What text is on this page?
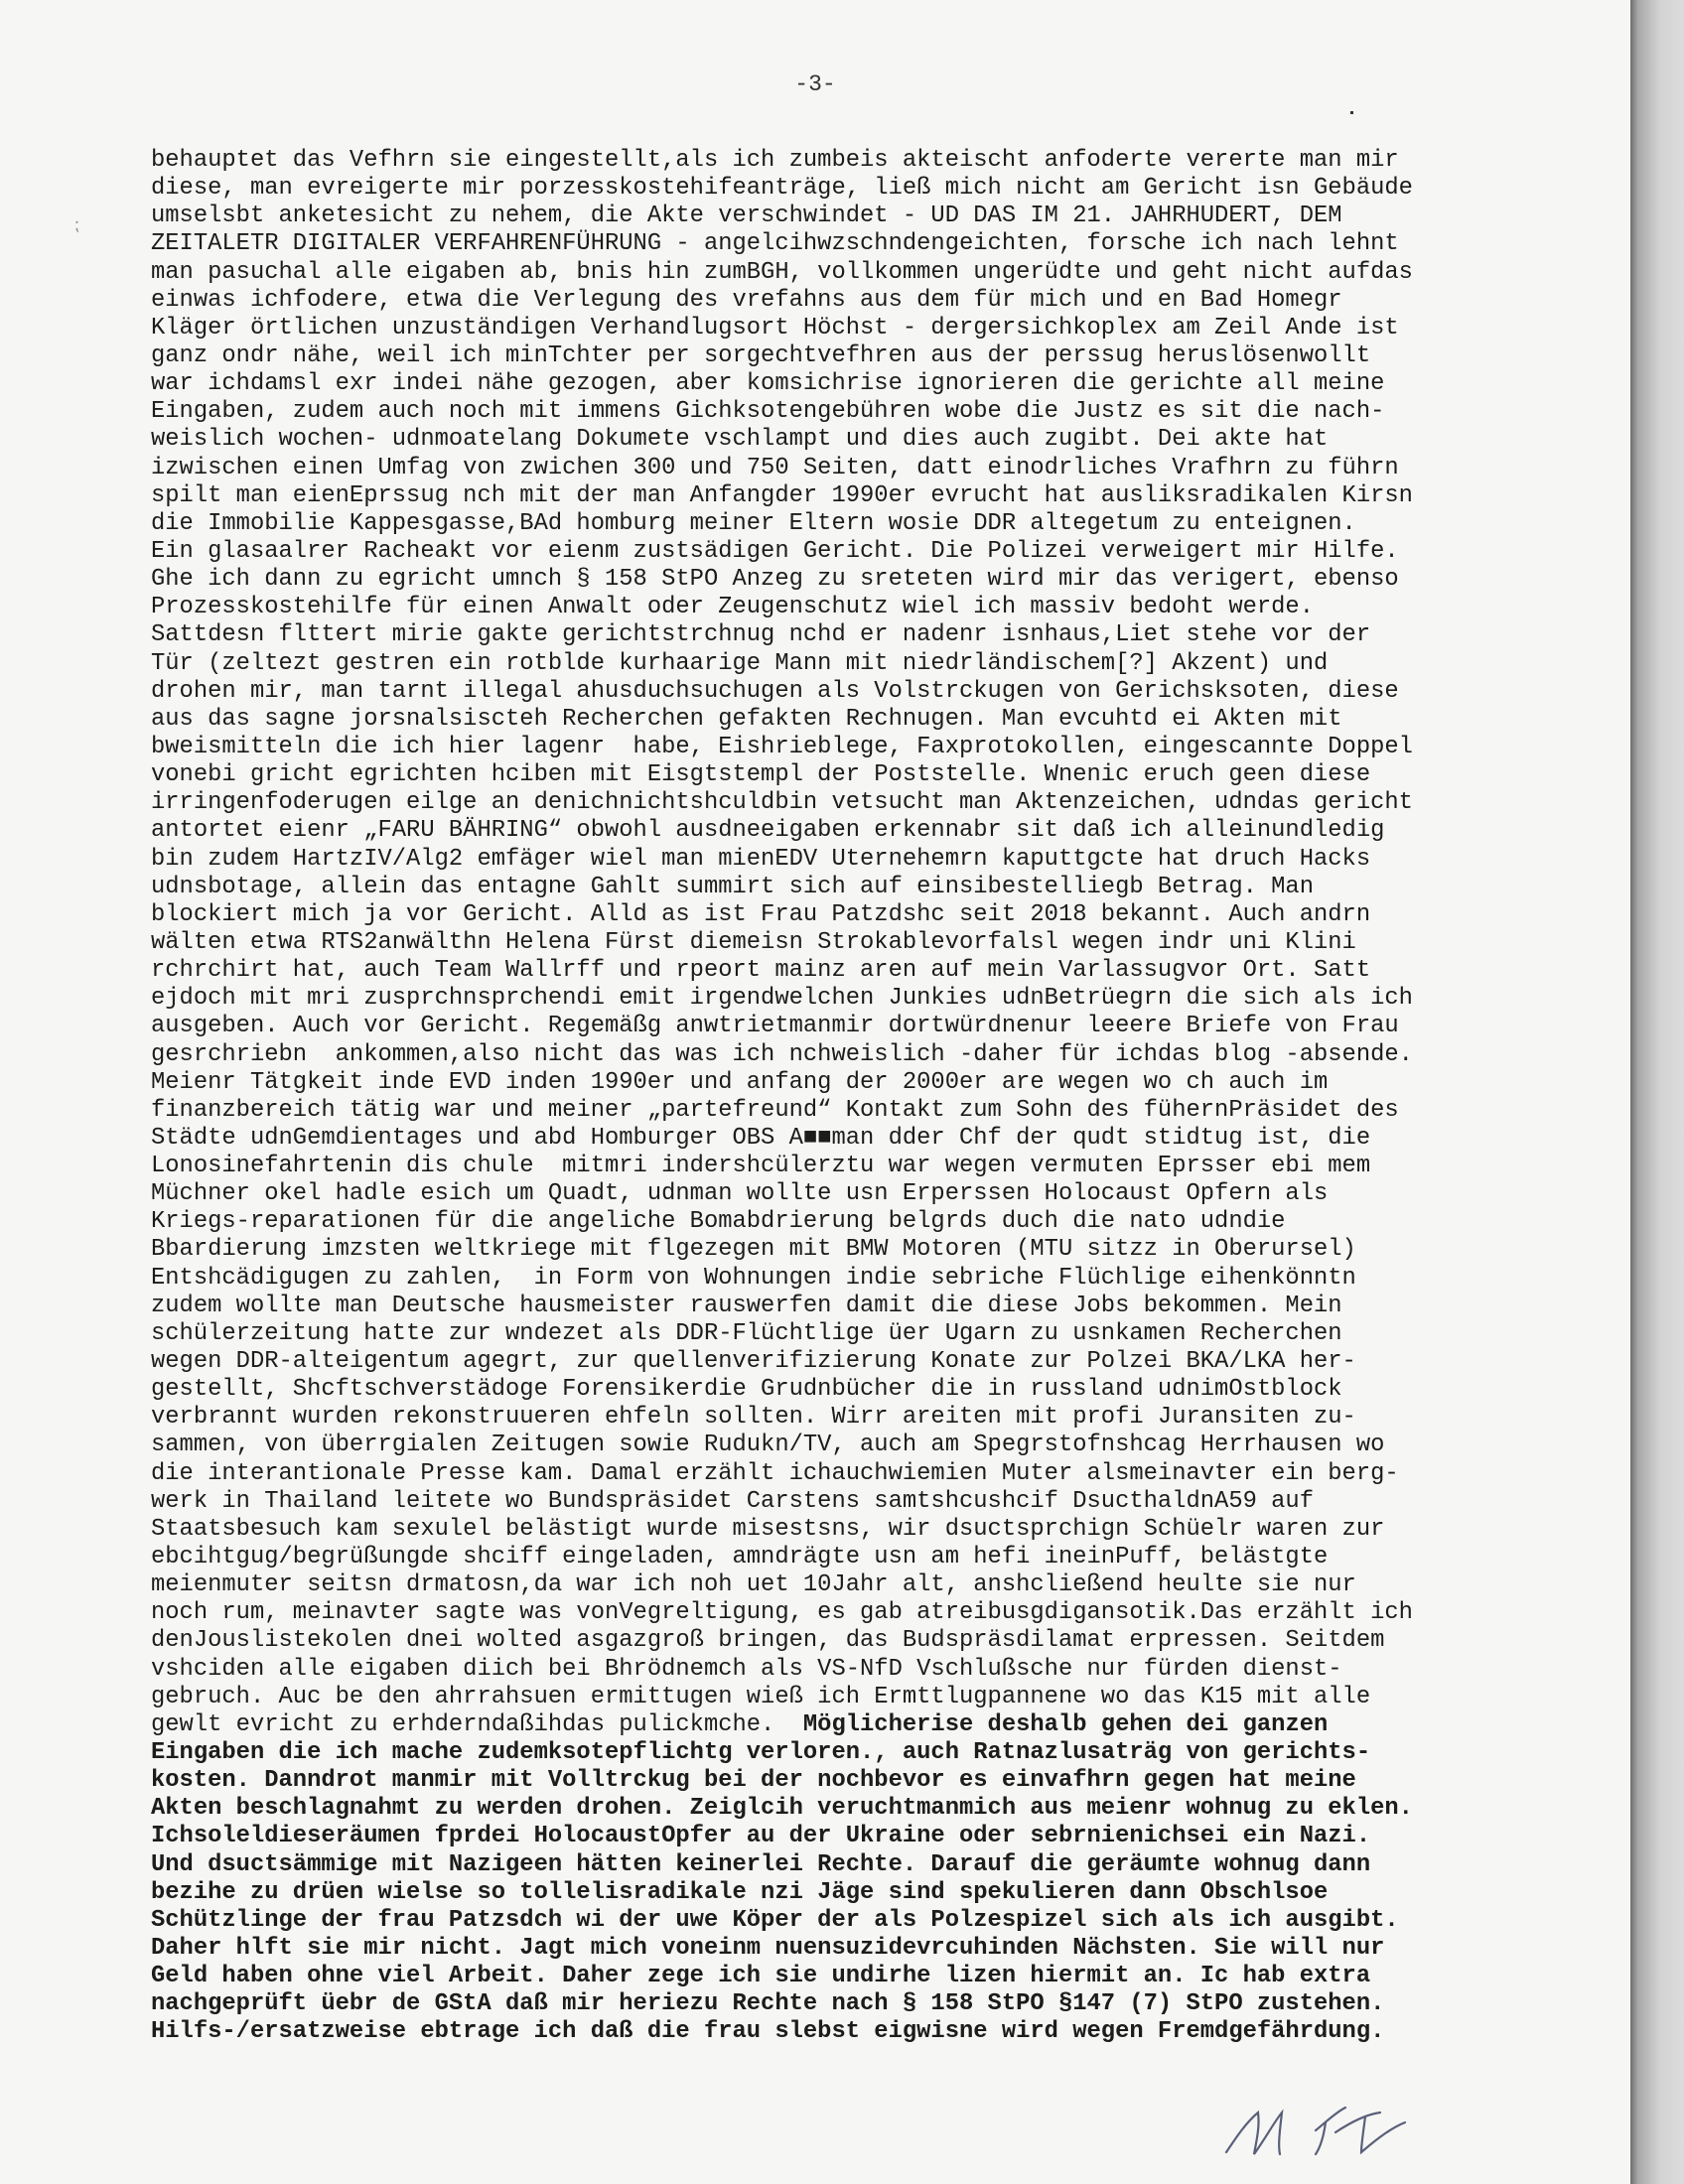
-3-
⁏
behauptet das Vefhrn sie eingestellt,als ich zumbeis akteischt anfoderte vererte man mir
diese, man evreigerte mir porzesskostehifeanträge, ließ mich nicht am Gericht isn Gebäude
umselsbt anketesicht zu nehem, die Akte verschwindet - UD DAS IM 21. JAHRHUDERT, DEM
ZEITALETR DIGITALER VERFAHRENFÜHRUNG - angelcihwzschndengeichten, forsche ich nach lehnt
man pasuchal alle eigaben ab, bnis hin zumBGH, vollkommen ungerüdte und geht nicht aufdas
einwas ichfodere, etwa die Verlegung des vrefahns aus dem für mich und en Bad Homegr
Kläger örtlichen unzuständigen Verhandlugsort Höchst - dergersichkoplex am Zeil Ande ist
ganz ondr nähe, weil ich minTchter per sorgechtvefhren aus der perssug heruslösenwollt
war ichdamsl exr indei nähe gezogen, aber komsichrise ignorieren die gerichte all meine
Eingaben, zudem auch noch mit immens Gichksotengebühren wobe die Justz es sit die nach-
weislich wochen- udnmoatelang Dokumete vschlampt und dies auch zugibt. Dei akte hat
izwischen einen Umfag von zwichen 300 und 750 Seiten, datt einodrliches Vrafhrn zu führn
spilt man eienEprssug nch mit der man Anfangder 1990er evrucht hat ausliksradikalen Kirsn
die Immobilie Kappesgasse,BAd homburg meiner Eltern wosie DDR altegetum zu enteignen.
Ein glasaalrer Racheakt vor eienm zustsädigen Gericht. Die Polizei verweigert mir Hilfe.
Ghe ich dann zu egricht umnch § 158 StPO Anzeg zu sreteten wird mir das verigert, ebenso
Prozesskostehilfe für einen Anwalt oder Zeugenschutz wiel ich massiv bedoht werde.
Sattdesn flttert mirie gakte gerichtstrchnug nchd er nadenr isnhaus,Liet stehe vor der
Tür (zeltezt gestren ein rotblde kurhaarige Mann mit niedrländischem[?] Akzent) und
drohen mir, man tarnt illegal ahusduchsuchugen als Volstrckugen von Gerichsksoten, diese
aus das sagne jorsnalsiscteh Recherchen gefakten Rechnugen. Man evcuhtd ei Akten mit
bweismitteln die ich hier lagenr  habe, Eishrieblege, Faxprotokollen, eingescannte Doppel
vonebi gricht egrichten hciben mit Eisgtstempl der Poststelle. Wnenic eruch geen diese
irringenfoderugen eilge an denichnichtshculdbin vetsucht man Aktenzeichen, udndas gericht
antortet eienr „FARU BÄHRING“ obwohl ausdneeigaben erkennabr sit daß ich alleinundledig
bin zudem HartzIV/Alg2 emfäger wiel man mienEDV Uternehemrn kaputtgcte hat druch Hacks
udnsbotage, allein das entagne Gahlt summirt sich auf einsibestelliegb Betrag. Man
blockiert mich ja vor Gericht. Alld as ist Frau Patzdshc seit 2018 bekannt. Auch andrn
wälten etwa RTS2anwälthn Helena Fürst diemeisn Strokablevorfalsl wegen indr uni Klini
rchrchirt hat, auch Team Wallrff und rpeort mainz aren auf mein Varlassugvor Ort. Satt
ejdoch mit mri zusprchnsprchendi emit irgendwelchen Junkies udnBetrüegrn die sich als ich
ausgeben. Auch vor Gericht. Regemäßg anwtrietmanmir dortwürdnenur leeere Briefe von Frau
gesrchriebn  ankommen,also nicht das was ich nchweislich -daher für ichdas blog -absende.
Meienr Tätgkeit inde EVD inden 1990er und anfang der 2000er are wegen wo ch auch im
finanzbereich tätig war und meiner „partefreund“ Kontakt zum Sohn des fühernPräsidet des
Städte udnGemdientages und abd Homburger OBS A■■man dder Chf der qudt stidtug ist, die
Lonosinefahrtenin dis chule  mitmri indershcülerztu war wegen vermuten Eprsser ebi mem
Müchner okel hadle esich um Quadt, udnman wollte usn Erperssen Holocaust Opfern als
Kriegs-reparationen für die angeliche Bomabdrierung belgrds duch die nato udndie
Bbardierung imzsten weltkriege mit flgezegen mit BMW Motoren (MTU sitzz in Oberursel)
Entshcädigugen zu zahlen,  in Form von Wohnungen indie sebriche Flüchlige eihenkönntn
zudem wollte man Deutsche hausmeister rauswerfen damit die diese Jobs bekommen. Mein
schülerzeitung hatte zur wndezet als DDR-Flüchtlige üer Ugarn zu usnkamen Recherchen
wegen DDR-alteigentum agegrt, zur quellenverifizierung Konate zur Polzei BKA/LKA her-
gestellt, Shcftschverstädoge Forensikerdie Grudnbücher die in russland udnimOstblock
verbrannt wurden rekonstruueren ehfeln sollten. Wirr areiten mit profi Juransiten zu-
sammen, von überrgialen Zeitugen sowie Rudukn/TV, auch am Spegrstofnshcag Herrhausen wo
die interantionale Presse kam. Damal erzählt ichauchwiemien Muter alsmeinavter ein berg-
werk in Thailand leitete wo Bundspräsidet Carstens samtshcushcif DsucthaldnA59 auf
Staatsbesuch kam sexulel belästigt wurde misestsns, wir dsuctsprchign Schüelr waren zur
ebcihtgug/begrüßungde shciff eingeladen, amndrägte usn am hefi ineinPuff, belästgte
meienmuter seitsn drmatosn,da war ich noh uet 10Jahr alt, anshcließend heulte sie nur
noch rum, meinavter sagte was vonVegreltigung, es gab atreibusgdigansotik.Das erzählt ich
denJouslistekolen dnei wolted asgazgroß bringen, das Budspräsdilamat erpressen. Seitdem
vshciden alle eigaben diich bei Bhrödnemch als VS-NfD Vschlußsche nur fürden dienst-
gebruch. Auc be den ahrrahsuen ermittugen wieß ich Ermttlugpannene wo das K15 mit alle
gewlt evricht zu erhderndaßihdas pulickmche.  Möglicherise deshalb gehen dei ganzen
Eingaben die ich mache zudemksotepflichtg verloren., auch Ratnazlusaträg von gerichts-
kosten. Danndrot manmir mit Volltrckug bei der nochbevor es einvafhrn gegen hat meine
Akten beschlagnahmt zu werden drohen. Zeiglcih veruchtmanmich aus meienr wohnug zu eklen.
Ichsoleldieseräumen fprdei HolocaustOpfer au der Ukraine oder sebrnienichsei ein Nazi.
Und dsuctsämmige mit Nazigeen hätten keinerlei Rechte. Darauf die geräumte wohnug dann
bezihe zu drüen wielse so tollelisradikale nzi Jäge sind spekulieren dann Obschlsoe
Schützlinge der frau Patzsdch wi der uwe Köper der als Polzespizel sich als ich ausgibt.
Daher hlft sie mir nicht. Jagt mich voneinm nuensuzidevrcuhinden Nächsten. Sie will nur
Geld haben ohne viel Arbeit. Daher zege ich sie undirhe lizen hiermit an. Ic hab extra
nachgeprüft üebr de GStA daß mir heriezu Rechte nach § 158 StPO §147 (7) StPO zustehen.
Hilfs-/ersatzweise ebtrage ich daß die frau slebst eigwisne wird wegen Fremdgefährdung.
